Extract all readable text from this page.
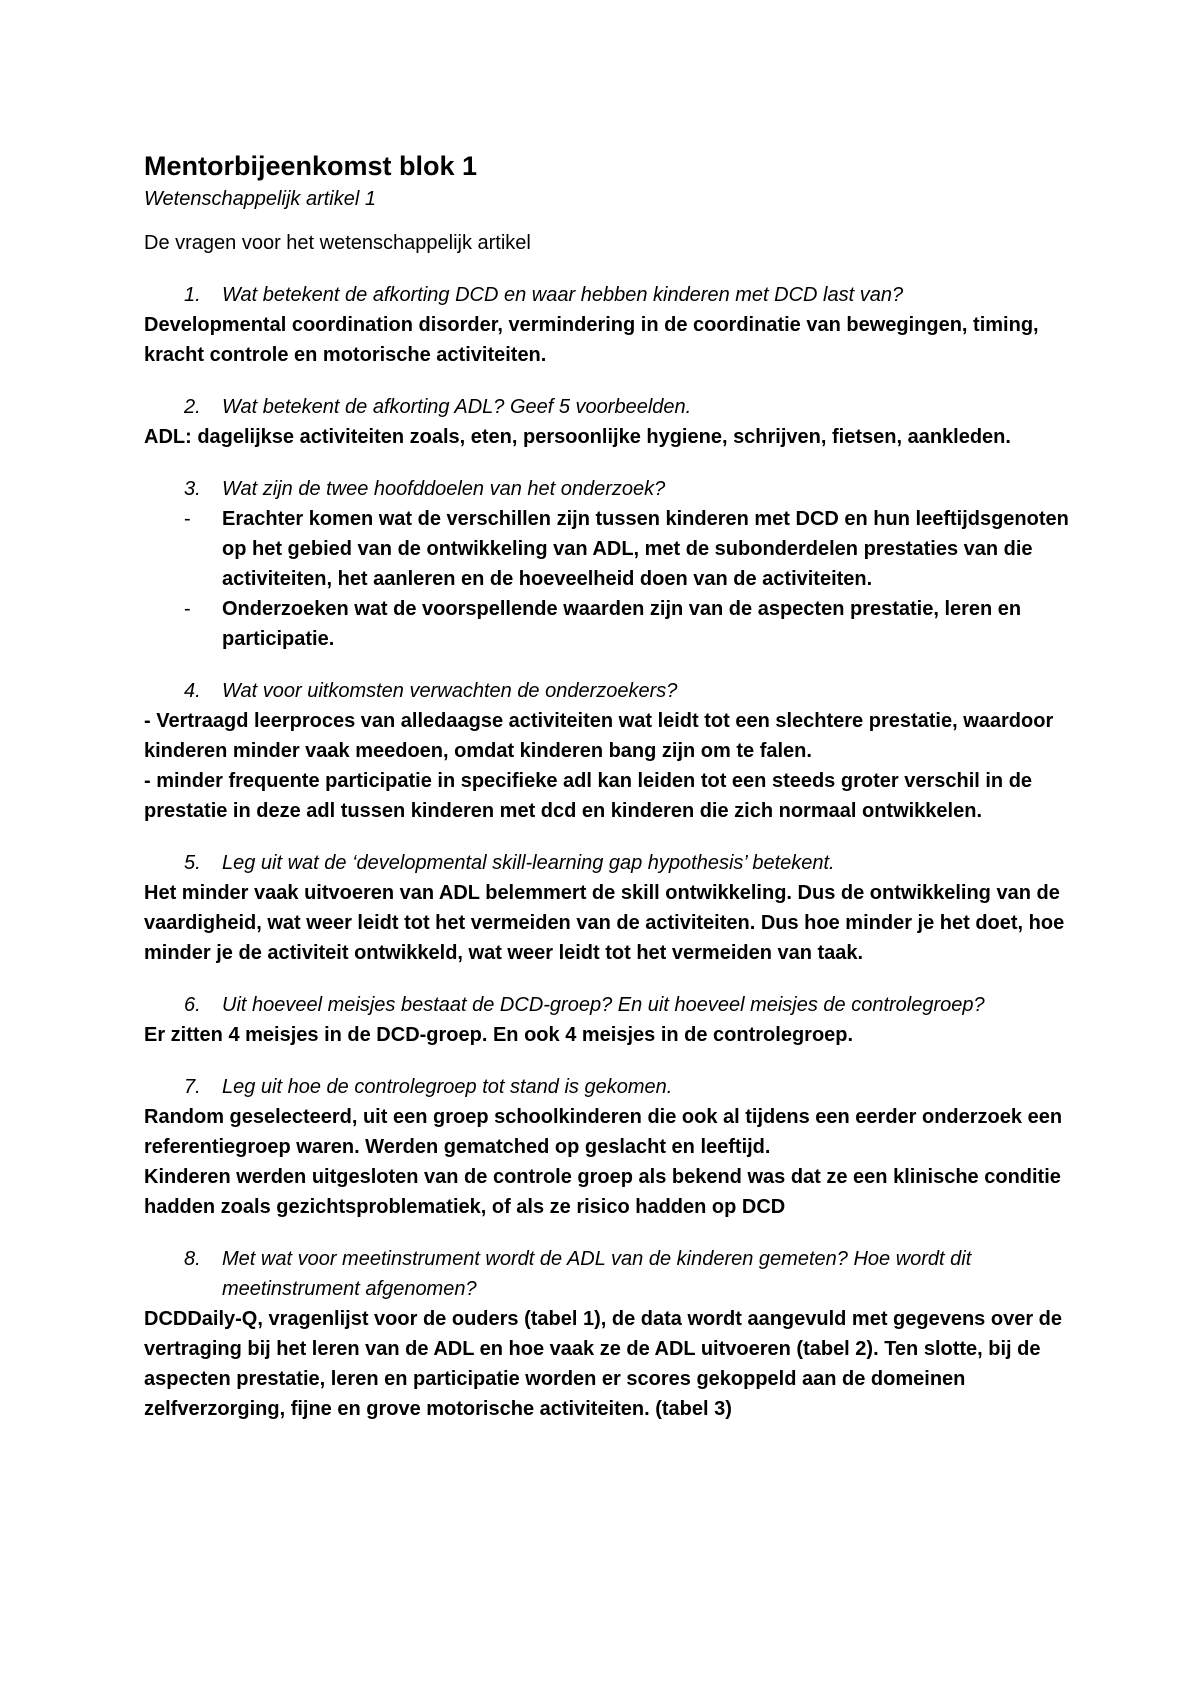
Mentorbijeenkomst blok 1

Wetenschappelijk artikel 1

De vragen voor het wetenschappelijk artikel

1.	Wat betekent de afkorting DCD en waar hebben kinderen met DCD last van?

Developmental coordination disorder, vermindering in de coordinatie van bewegingen, timing, kracht controle en motorische activiteiten.

2.	Wat betekent de afkorting ADL? Geef 5 voorbeelden.

ADL: dagelijkse activiteiten zoals, eten, persoonlijke hygiene, schrijven, fietsen, aankleden.

3.	Wat zijn de twee hoofddoelen van het onderzoek?
-	Erachter komen wat de verschillen zijn tussen kinderen met DCD en hun leeftijdsgenoten op het gebied van de ontwikkeling van ADL, met de subonderdelen prestaties van die activiteiten, het aanleren en de hoeveelheid doen van de activiteiten.
-	Onderzoeken wat de voorspellende waarden zijn van de aspecten prestatie, leren en participatie.
4.	Wat voor uitkomsten verwachten de onderzoekers?

- Vertraagd leerproces van alledaagse activiteiten wat leidt tot een slechtere prestatie, waardoor kinderen minder vaak meedoen, omdat kinderen bang zijn om te falen.

- minder frequente participatie in specifieke adl kan leiden tot een steeds groter verschil in de prestatie in deze adl tussen kinderen met dcd en kinderen die zich normaal ontwikkelen.

5.	Leg uit wat de ‘developmental skill-learning gap hypothesis’ betekent.

Het minder vaak uitvoeren van ADL belemmert de skill ontwikkeling. Dus de ontwikkeling van de vaardigheid, wat weer leidt tot het vermeiden van de activiteiten. Dus hoe minder je het doet, hoe minder je de activiteit ontwikkeld, wat weer leidt tot het vermeiden van taak.

6.	Uit hoeveel meisjes bestaat de DCD-groep? En uit hoeveel meisjes de controlegroep?

Er zitten 4 meisjes in de DCD-groep. En ook 4 meisjes in de controlegroep.

7.	Leg uit hoe de controlegroep tot stand is gekomen.

Random geselecteerd, uit een groep schoolkinderen die ook al tijdens een eerder onderzoek een referentiegroep waren. Werden gematched op geslacht en leeftijd.

Kinderen werden uitgesloten van de controle groep als bekend was dat ze een klinische conditie hadden zoals gezichtsproblematiek, of als ze risico hadden op DCD

8.	Met wat voor meetinstrument wordt de ADL van de kinderen gemeten? Hoe wordt dit meetinstrument afgenomen?

DCDDaily-Q, vragenlijst voor de ouders (tabel 1), de data wordt aangevuld met gegevens over de vertraging bij het leren van de ADL en hoe vaak ze de ADL uitvoeren (tabel 2). Ten slotte, bij de aspecten prestatie, leren en participatie worden er scores gekoppeld aan de domeinen zelfverzorging, fijne en grove motorische activiteiten. (tabel 3)
